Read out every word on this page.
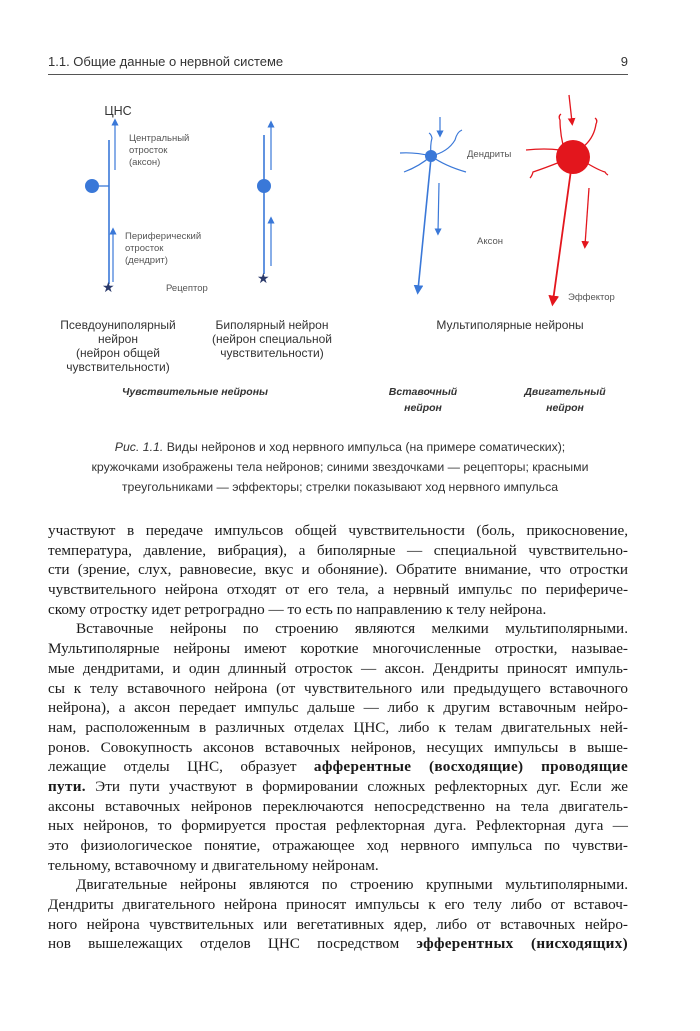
1.1. Общие данные о нервной системе	9
★
★
ЦНС
Центральный
отросток
(аксон)
Периферический
отросток
(дендрит)
Рецептор
Дендриты
Аксон
Эффектор
Псевдоуниполярный
нейрон
(нейрон общей
чувствительности)
Биполярный нейрон
(нейрон специальной
чувствительности)
Мультиполярные нейроны
Чувствительные нейроны	Вставочный
нейрон
Двигательный
нейрон
Рис. 1.1. Виды нейронов и ход нервного импульса (на примере соматических);
кружочками изображены тела нейронов; синими звездочками — рецепторы; красными
треугольниками — эффекторы; стрелки показывают ход нервного импульса
участвуют в передаче импульсов общей чувствительности (боль, прикосновение,
температура, давление, вибрация), а биполярные — специальной чувствительно-
сти (зрение, слух, равновесие, вкус и обоняние). Обратите внимание, что отростки
чувствительного нейрона отходят от его тела, а нервный импульс по перифериче-
скому отростку идет ретроградно — то есть по направлению к телу нейрона.
Вставочные нейроны по строению являются мелкими мультиполярными.
Мультиполярные нейроны имеют короткие многочисленные отростки, называе-
мые дендритами, и один длинный отросток — аксон. Дендриты приносят импуль-
сы к телу вставочного нейрона (от чувствительного или предыдущего вставочного
нейрона), а аксон передает импульс дальше — либо к другим вставочным нейро-
нам, расположенным в различных отделах ЦНС, либо к телам двигательных ней-
ронов. Совокупность аксонов вставочных нейронов, несущих импульсы в выше-
лежащие отделы ЦНС, образует афферентные (восходящие) проводящие
пути. Эти пути участвуют в формировании сложных рефлекторных дуг. Если же
аксоны вставочных нейронов переключаются непосредственно на тела двигатель-
ных нейронов, то формируется простая рефлекторная дуга. Рефлекторная дуга —
это физиологическое понятие, отражающее ход нервного импульса по чувстви-
тельному, вставочному и двигательному нейронам.
Двигательные нейроны являются по строению крупными мультиполярными.
Дендриты двигательного нейрона приносят импульсы к его телу либо от вставоч-
ного нейрона чувствительных или вегетативных ядер, либо от вставочных нейро-
нов вышележащих отделов ЦНС посредством эфферентных (нисходящих)
